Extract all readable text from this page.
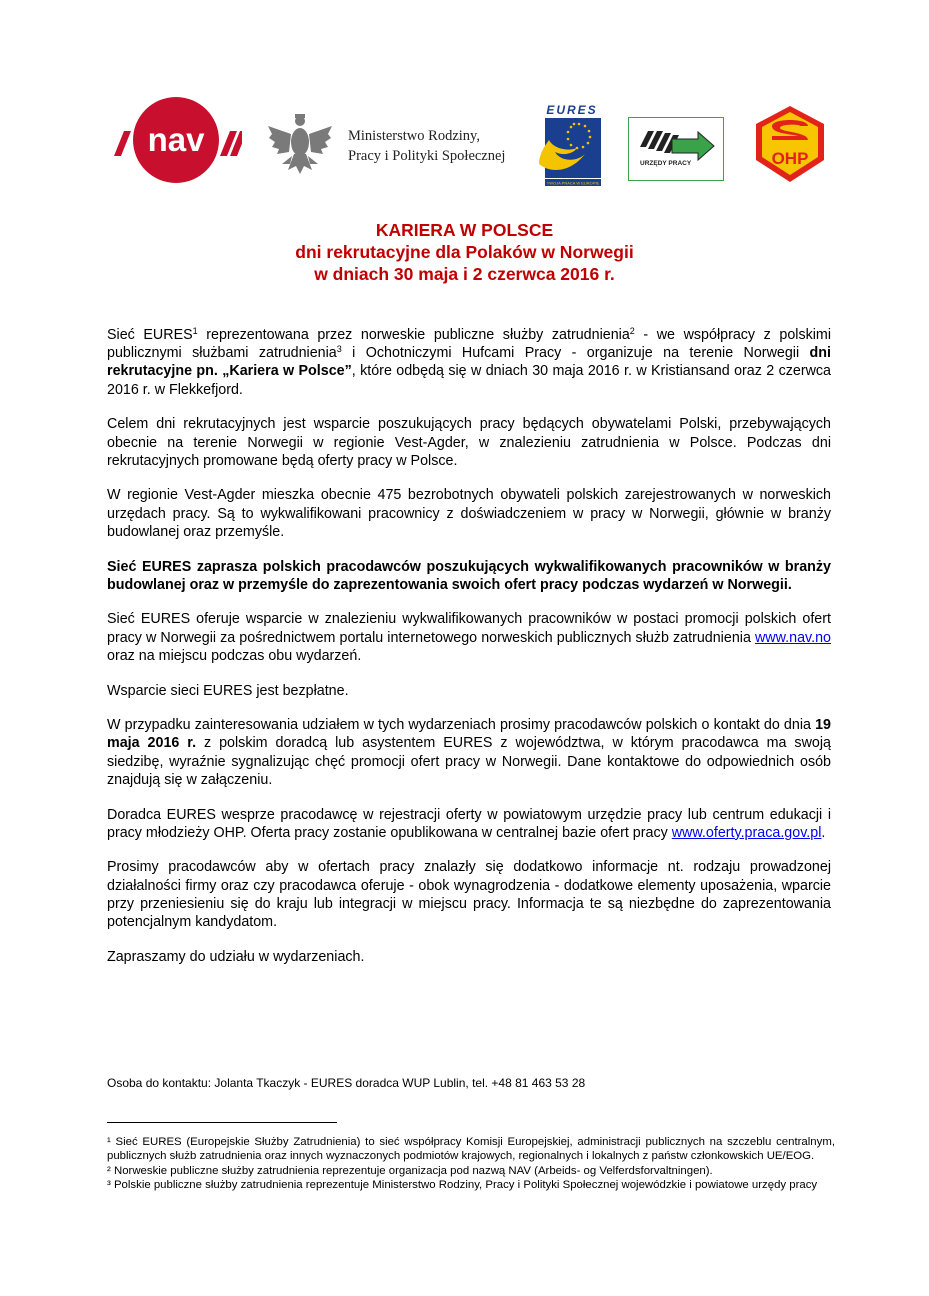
nav	Ministerstwo Rodziny,
Pracy i Polityki Społecznej
EURES
TWOJA PRACA W EUROPIE
URZĘDY PRACY	OHP
KARIERA W POLSCE
dni rekrutacyjne dla Polaków w Norwegii
w dniach 30 maja i 2 czerwca 2016 r.

Sieć EURES$^1$ reprezentowana przez norweskie publiczne służby zatrudnienia$^2$ - we współpracy z polskimi publicznymi służbami zatrudnienia$^3$ i Ochotniczymi Hufcami Pracy - organizuje na terenie Norwegii dni rekrutacyjne pn. „Kariera w Polsce”, które odbędą się w dniach 30 maja 2016 r. w Kristiansand oraz 2 czerwca 2016 r. w Flekkefjord.

Celem dni rekrutacyjnych jest wsparcie poszukujących pracy będących obywatelami Polski, przebywających obecnie na terenie Norwegii w regionie Vest-Agder, w znalezieniu zatrudnienia w Polsce. Podczas dni rekrutacyjnych promowane będą oferty pracy w Polsce.

W regionie Vest-Agder mieszka obecnie 475 bezrobotnych obywateli polskich zarejestrowanych w norweskich urzędach pracy. Są to wykwalifikowani pracownicy z doświadczeniem w pracy w Norwegii, głównie w branży budowlanej oraz przemyśle.

Sieć EURES zaprasza polskich pracodawców poszukujących wykwalifikowanych pracowników w branży budowlanej oraz w przemyśle do zaprezentowania swoich ofert pracy podczas wydarzeń w Norwegii.

Sieć EURES oferuje wsparcie w znalezieniu wykwalifikowanych pracowników w postaci promocji polskich ofert pracy w Norwegii za pośrednictwem portalu internetowego norweskich publicznych służb zatrudnienia www.nav.no oraz na miejscu podczas obu wydarzeń.

Wsparcie sieci EURES jest bezpłatne.

W przypadku zainteresowania udziałem w tych wydarzeniach prosimy pracodawców polskich o kontakt do dnia 19 maja 2016 r. z polskim doradcą lub asystentem EURES z województwa, w którym pracodawca ma swoją siedzibę, wyraźnie sygnalizując chęć promocji ofert pracy w Norwegii. Dane kontaktowe do odpowiednich osób znajdują się w załączeniu.

Doradca EURES wesprze pracodawcę w rejestracji oferty w powiatowym urzędzie pracy lub centrum edukacji i pracy młodzieży OHP. Oferta pracy zostanie opublikowana w centralnej bazie ofert pracy www.oferty.praca.gov.pl.

Prosimy pracodawców aby w ofertach pracy znalazły się dodatkowo informacje nt. rodzaju prowadzonej działalności firmy oraz czy pracodawca oferuje - obok wynagrodzenia - dodatkowe elementy uposażenia, wparcie przy przeniesieniu się do kraju lub integracji w miejscu pracy. Informacja te są niezbędne do zaprezentowania potencjalnym kandydatom.

Zapraszamy do udziału w wydarzeniach.

Osoba do kontaktu: Jolanta Tkaczyk - EURES doradca WUP Lublin, tel. +48 81 463 53 28

¹ Sieć EURES (Europejskie Służby Zatrudnienia) to sieć współpracy Komisji Europejskiej, administracji publicznych na szczeblu centralnym, publicznych służb zatrudnienia oraz innych wyznaczonych podmiotów krajowych, regionalnych i lokalnych z państw członkowskich UE/EOG.

² Norweskie publiczne służby zatrudnienia reprezentuje organizacja pod nazwą NAV (Arbeids- og Velferdsforvaltningen).

³ Polskie publiczne służby zatrudnienia reprezentuje Ministerstwo Rodziny, Pracy i Polityki Społecznej wojewódzkie i powiatowe urzędy pracy
